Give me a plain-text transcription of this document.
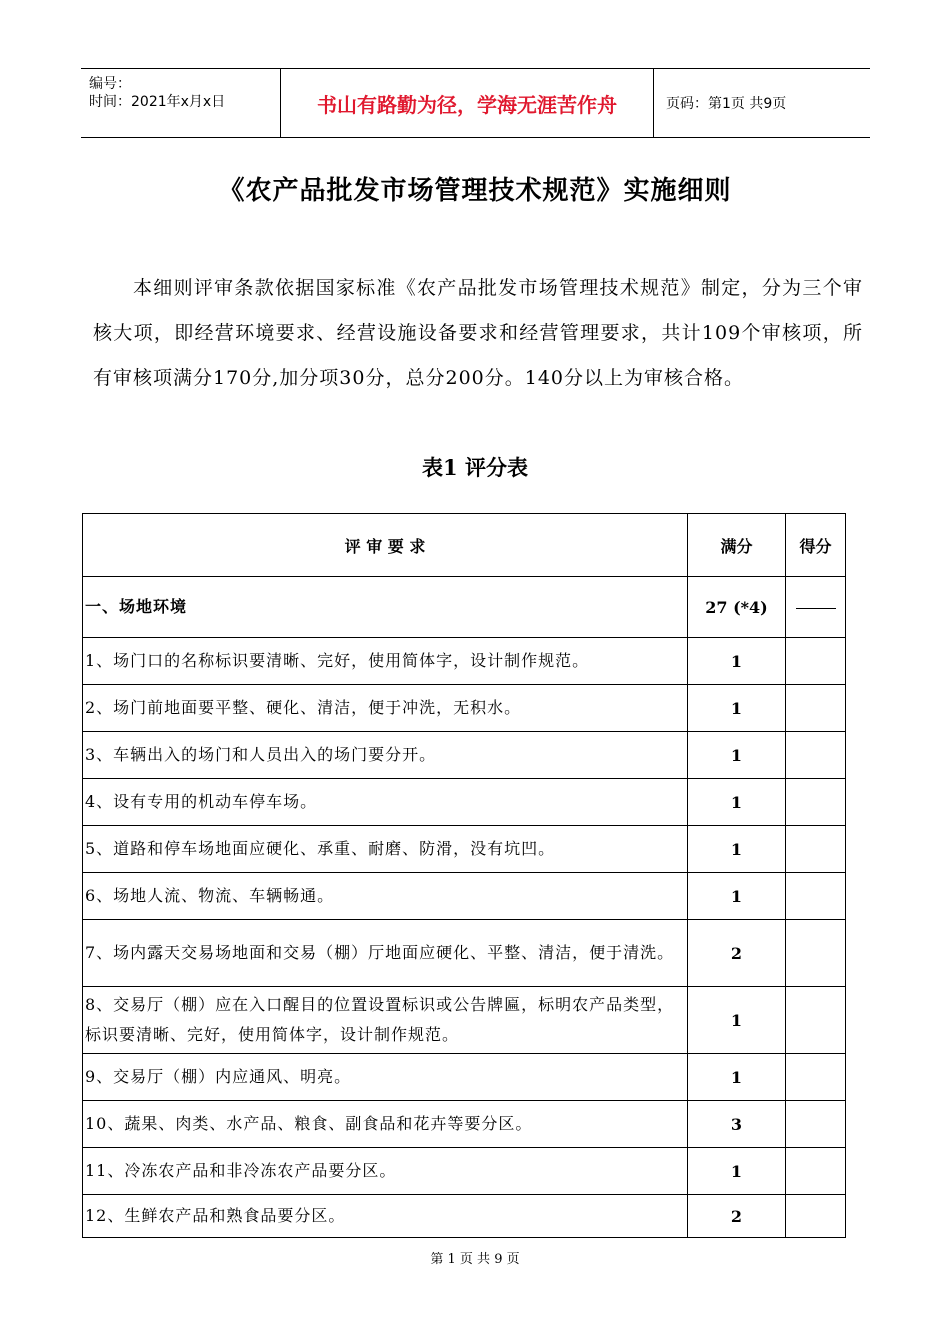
编号：
时间：2021年x月x日	书山有路勤为径，学海无涯苦作舟	页码：第1页 共9页
《农产品批发市场管理技术规范》实施细则
本细则评审条款依据国家标准《农产品批发市场管理技术规范》制定，分为三个审核大项，即经营环境要求、经营设施设备要求和经营管理要求，共计109个审核项，所有审核项满分170分,加分项30分，总分200分。140分以上为审核合格。
表1 评分表
评 审 要 求	满分	得分
一、场地环境	27 (*4)	
1、场门口的名称标识要清晰、完好，使用简体字，设计制作规范。	1	
2、场门前地面要平整、硬化、清洁，便于冲洗，无积水。	1	
3、车辆出入的场门和人员出入的场门要分开。	1	
4、设有专用的机动车停车场。	1	
5、道路和停车场地面应硬化、承重、耐磨、防滑，没有坑凹。	1	
6、场地人流、物流、车辆畅通。	1	
7、场内露天交易场地面和交易（棚）厅地面应硬化、平整、清洁，便于清洗。	2	
8、交易厅（棚）应在入口醒目的位置设置标识或公告牌匾，标明农产品类型，标识要清晰、完好，使用简体字，设计制作规范。	1	
9、交易厅（棚）内应通风、明亮。	1	
10、蔬果、肉类、水产品、粮食、副食品和花卉等要分区。	3	
11、冷冻农产品和非冷冻农产品要分区。	1	
12、生鲜农产品和熟食品要分区。	2	
第 1 页 共 9 页
